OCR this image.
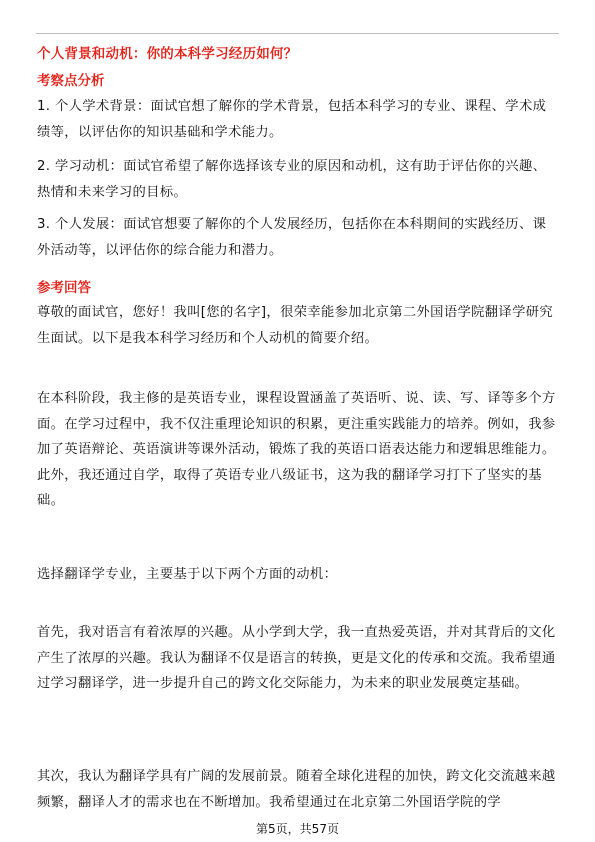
个人背景和动机：你的本科学习经历如何？
考察点分析

1. 个人学术背景：面试官想了解你的学术背景，包括本科学习的专业、课程、学术成绩等，以评估你的知识基础和学术能力。

2. 学习动机：面试官希望了解你选择该专业的原因和动机，这有助于评估你的兴趣、热情和未来学习的目标。

3. 个人发展：面试官想要了解你的个人发展经历，包括你在本科期间的实践经历、课外活动等，以评估你的综合能力和潜力。

参考回答

尊敬的面试官，您好！我叫[您的名字]，很荣幸能参加北京第二外国语学院翻译学研究生面试。以下是我本科学习经历和个人动机的简要介绍。

在本科阶段，我主修的是英语专业，课程设置涵盖了英语听、说、读、写、译等多个方面。在学习过程中，我不仅注重理论知识的积累，更注重实践能力的培养。例如，我参加了英语辩论、英语演讲等课外活动，锻炼了我的英语口语表达能力和逻辑思维能力。此外，我还通过自学，取得了英语专业八级证书，这为我的翻译学习打下了坚实的基础。

选择翻译学专业，主要基于以下两个方面的动机：

首先，我对语言有着浓厚的兴趣。从小学到大学，我一直热爱英语，并对其背后的文化产生了浓厚的兴趣。我认为翻译不仅是语言的转换，更是文化的传承和交流。我希望通过学习翻译学，进一步提升自己的跨文化交际能力，为未来的职业发展奠定基础。

其次，我认为翻译学具有广阔的发展前景。随着全球化进程的加快，跨文化交流越来越频繁，翻译人才的需求也在不断增加。我希望通过在北京第二外国语学院的学

第5页，共57页
